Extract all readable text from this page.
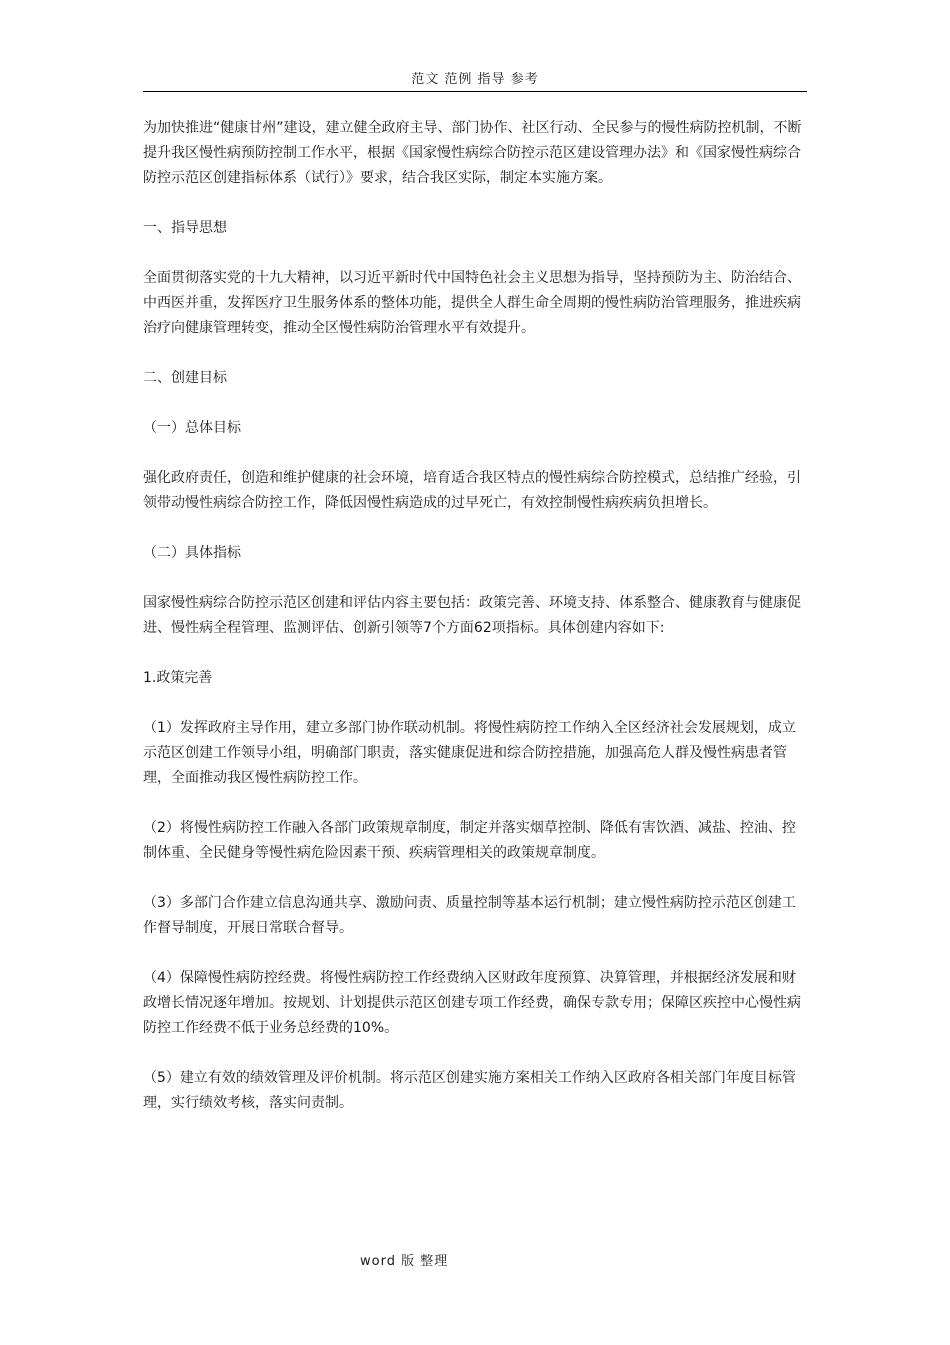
范文 范例 指导 参考

为加快推进“健康甘州”建设，建立健全政府主导、部门协作、社区行动、全民参与的慢性病防控机制，不断提升我区慢性病预防控制工作水平，根据《国家慢性病综合防控示范区建设管理办法》和《国家慢性病综合防控示范区创建指标体系（试行）》要求，结合我区实际，制定本实施方案。

一、指导思想

全面贯彻落实党的十九大精神，以习近平新时代中国特色社会主义思想为指导，坚持预防为主、防治结合、中西医并重，发挥医疗卫生服务体系的整体功能，提供全人群生命全周期的慢性病防治管理服务，推进疾病治疗向健康管理转变，推动全区慢性病防治管理水平有效提升。

二、创建目标

（一）总体目标

强化政府责任，创造和维护健康的社会环境，培育适合我区特点的慢性病综合防控模式，总结推广经验，引领带动慢性病综合防控工作，降低因慢性病造成的过早死亡，有效控制慢性病疾病负担增长。

（二）具体指标

国家慢性病综合防控示范区创建和评估内容主要包括：政策完善、环境支持、体系整合、健康教育与健康促进、慢性病全程管理、监测评估、创新引领等7个方面62项指标。具体创建内容如下:

1.政策完善

（1）发挥政府主导作用，建立多部门协作联动机制。将慢性病防控工作纳入全区经济社会发展规划，成立示范区创建工作领导小组，明确部门职责，落实健康促进和综合防控措施，加强高危人群及慢性病患者管理，全面推动我区慢性病防控工作。

（2）将慢性病防控工作融入各部门政策规章制度，制定并落实烟草控制、降低有害饮酒、减盐、控油、控制体重、全民健身等慢性病危险因素干预、疾病管理相关的政策规章制度。

（3）多部门合作建立信息沟通共享、激励问责、质量控制等基本运行机制；建立慢性病防控示范区创建工作督导制度，开展日常联合督导。

（4）保障慢性病防控经费。将慢性病防控工作经费纳入区财政年度预算、决算管理，并根据经济发展和财政增长情况逐年增加。按规划、计划提供示范区创建专项工作经费，确保专款专用；保障区疾控中心慢性病防控工作经费不低于业务总经费的10%。

（5）建立有效的绩效管理及评价机制。将示范区创建实施方案相关工作纳入区政府各相关部门年度目标管理，实行绩效考核，落实问责制。

word 版 整理
